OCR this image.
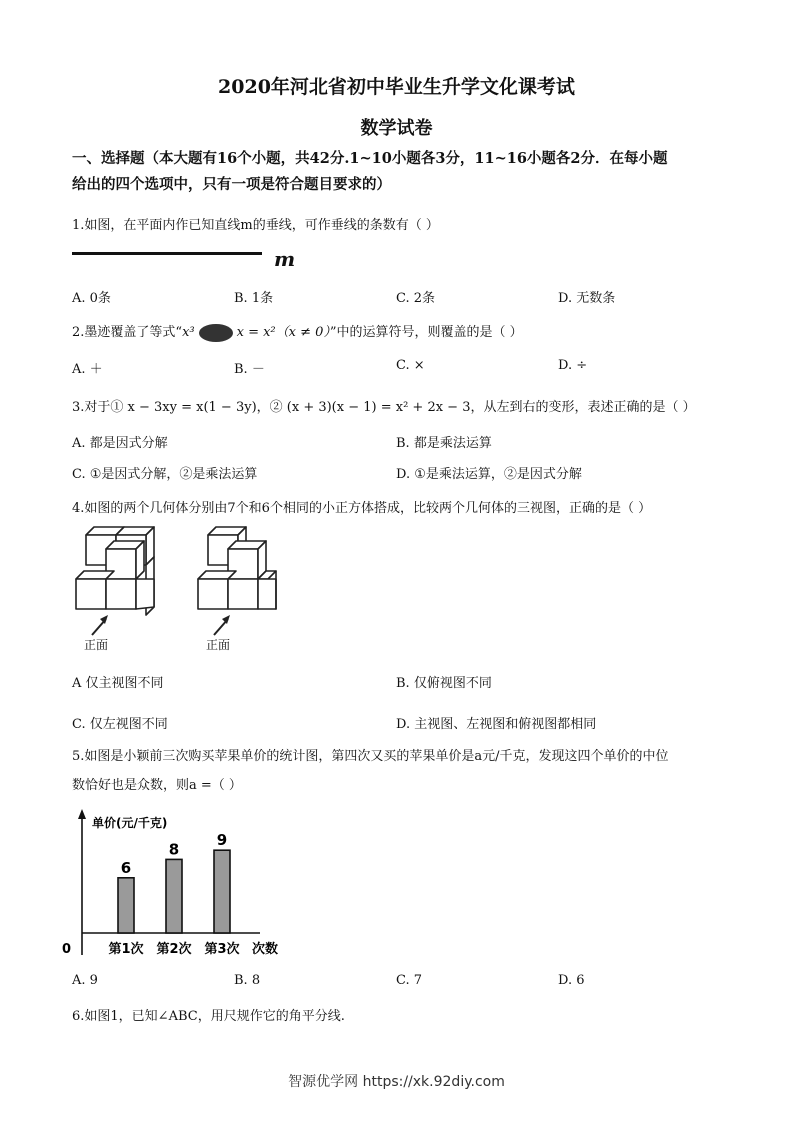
2020年河北省初中毕业生升学文化课考试
数学试卷
一、选择题（本大题有16个小题，共42分.1~10小题各3分，11~16小题各2分．在每小题
给出的四个选项中，只有一项是符合题目要求的）
1.如图，在平面内作已知直线m的垂线，可作垂线的条数有（ ）
m
A. 0条	B. 1条	C. 2条	D. 无数条
2.墨迹覆盖了等式“x³	x = x²（x ≠ 0）”中的运算符号，则覆盖的是（ ）
A. ＋	B. －	C. ×	D. ÷
3.对于① x − 3xy = x(1 − 3y)，② (x + 3)(x − 1) = x² + 2x − 3，从左到右的变形，表述正确的是（ ）
A. 都是因式分解	B. 都是乘法运算
C. ①是因式分解，②是乘法运算	D. ①是乘法运算，②是因式分解
4.如图的两个几何体分别由7个和6个相同的小正方体搭成，比较两个几何体的三视图，正确的是（ ）
正面	正面
A 仅主视图不同	B. 仅俯视图不同
C. 仅左视图不同	D. 主视图、左视图和俯视图都相同
5.如图是小颖前三次购买苹果单价的统计图，第四次又买的苹果单价是a元/千克，发现这四个单价的中位
数恰好也是众数，则a =（ ）
单价(元/千克)
0	次数
6
第1次
8
第2次
9
第3次
A. 9	B. 8	C. 7	D. 6
6.如图1，已知∠ABC，用尺规作它的角平分线.
智源优学网 https://xk.92diy.com
